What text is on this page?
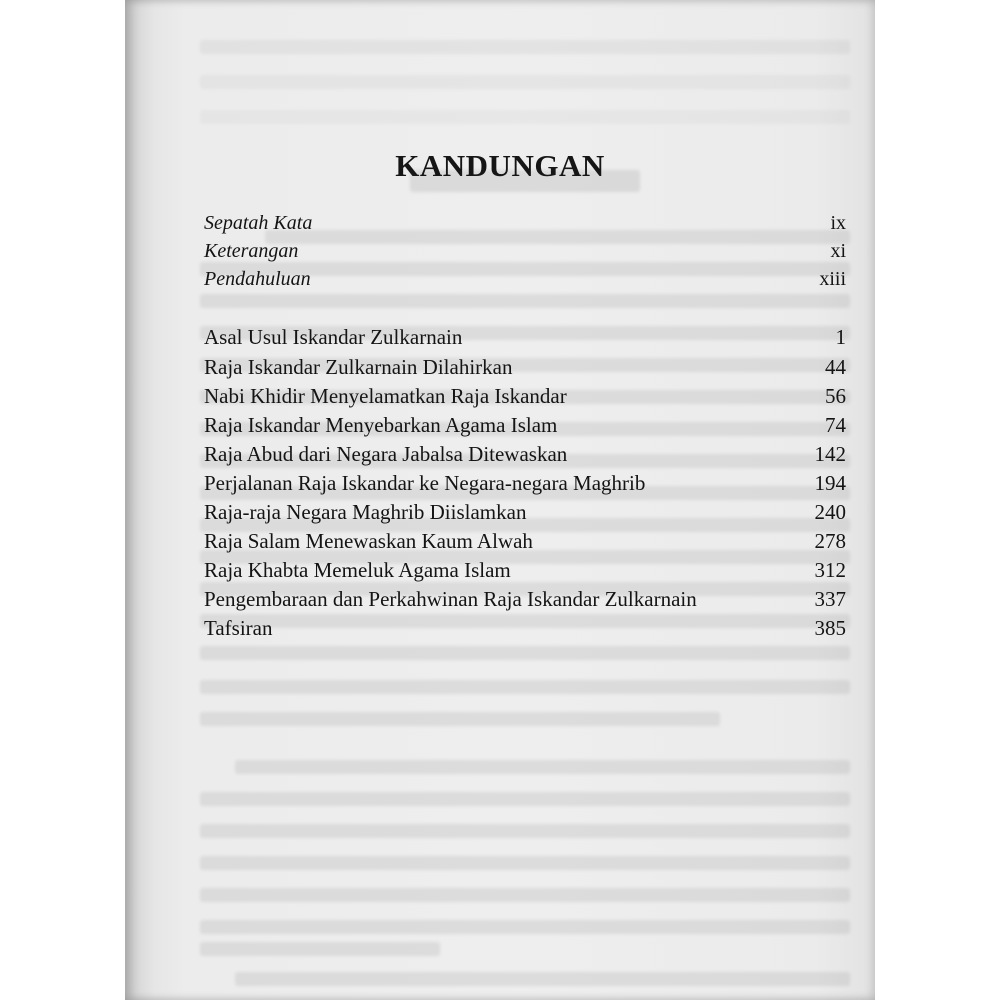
KANDUNGAN
Sepatah Kata	ix
Keterangan	xi
Pendahuluan	xiii
Asal Usul Iskandar Zulkarnain	1
Raja Iskandar Zulkarnain Dilahirkan	44
Nabi Khidir Menyelamatkan Raja Iskandar	56
Raja Iskandar Menyebarkan Agama Islam	74
Raja Abud dari Negara Jabalsa Ditewaskan	142
Perjalanan Raja Iskandar ke Negara-negara Maghrib	194
Raja-raja Negara Maghrib Diislamkan	240
Raja Salam Menewaskan Kaum Alwah	278
Raja Khabta Memeluk Agama Islam	312
Pengembaraan dan Perkahwinan Raja Iskandar Zulkarnain	337
Tafsiran	385
